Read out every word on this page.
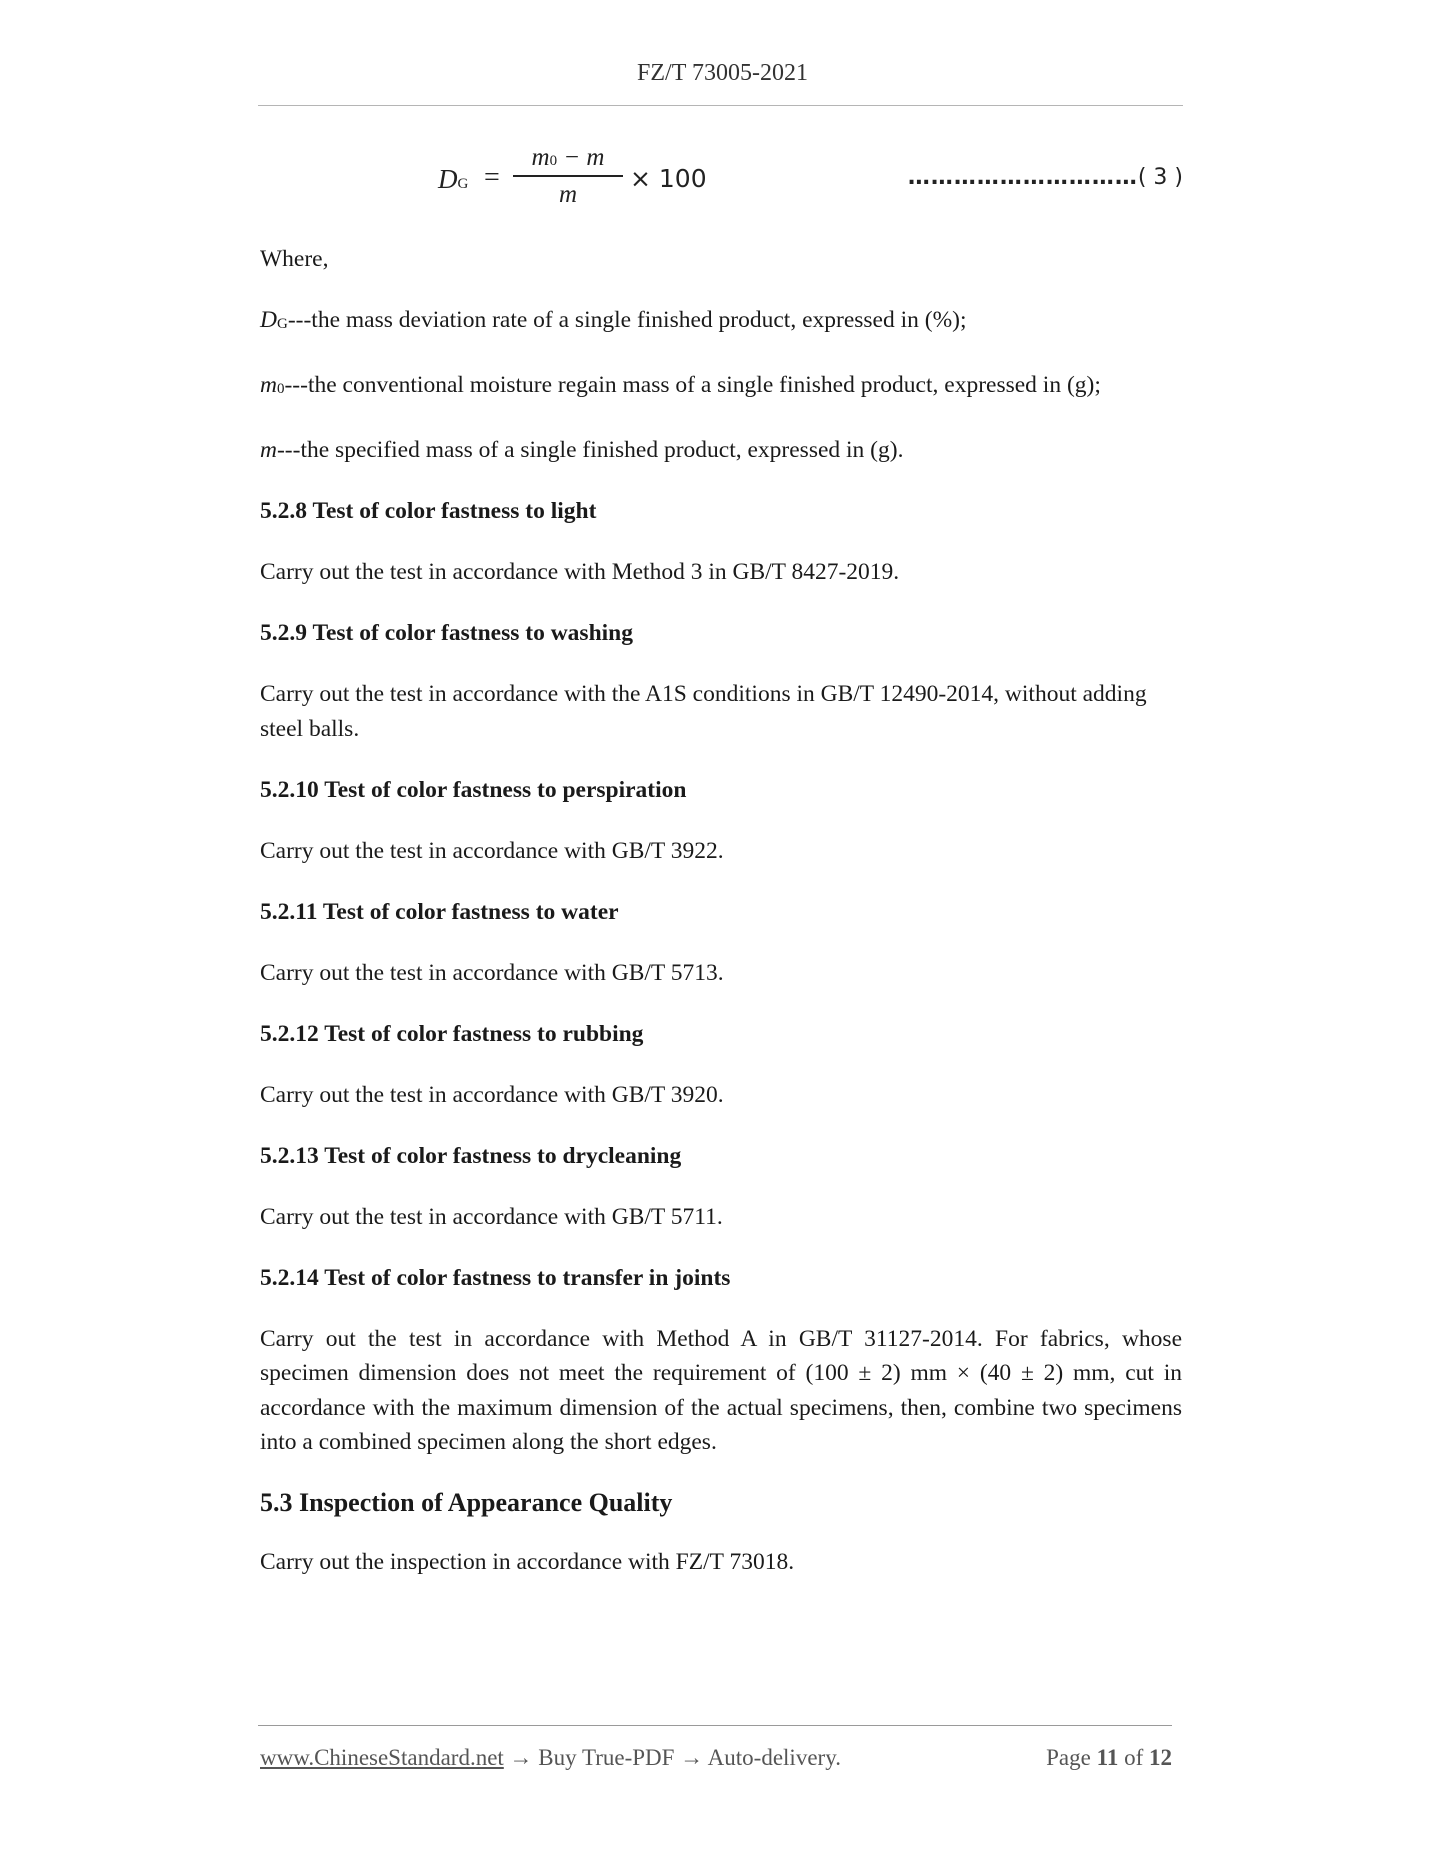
FZ/T 73005-2021
DG =
m0 − m
m
× 100	…………………………( 3 )

Where,

DG---the mass deviation rate of a single finished product, expressed in (%);

m0---the conventional moisture regain mass of a single finished product, expressed in (g);

m---the specified mass of a single finished product, expressed in (g).

5.2.8 Test of color fastness to light

Carry out the test in accordance with Method 3 in GB/T 8427-2019.

5.2.9 Test of color fastness to washing

Carry out the test in accordance with the A1S conditions in GB/T 12490-2014, without adding steel balls.

5.2.10 Test of color fastness to perspiration

Carry out the test in accordance with GB/T 3922.

5.2.11 Test of color fastness to water

Carry out the test in accordance with GB/T 5713.

5.2.12 Test of color fastness to rubbing

Carry out the test in accordance with GB/T 3920.

5.2.13 Test of color fastness to drycleaning

Carry out the test in accordance with GB/T 5711.

5.2.14 Test of color fastness to transfer in joints

Carry out the test in accordance with Method A in GB/T 31127-2014. For fabrics, whose specimen dimension does not meet the requirement of (100 ± 2) mm × (40 ± 2) mm, cut in accordance with the maximum dimension of the actual specimens, then, combine two specimens into a combined specimen along the short edges.

5.3 Inspection of Appearance Quality

Carry out the inspection in accordance with FZ/T 73018.

www.ChineseStandard.net → Buy True-PDF → Auto-delivery.	Page 11 of 12
